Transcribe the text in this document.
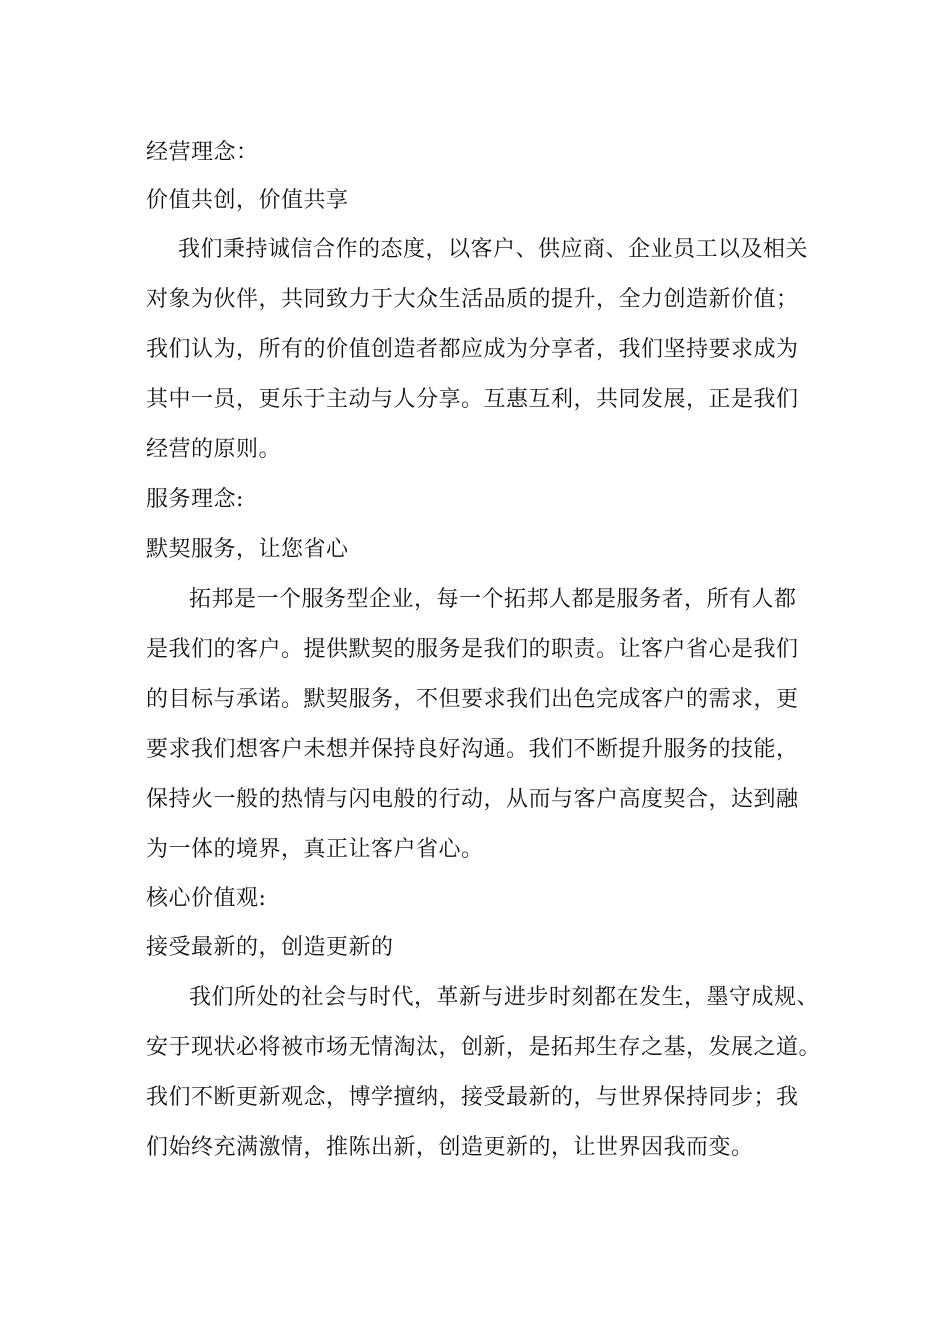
经营理念：
价值共创，价值共享
我们秉持诚信合作的态度，以客户、供应商、企业员工以及相关
对象为伙伴，共同致力于大众生活品质的提升，全力创造新价值；
我们认为，所有的价值创造者都应成为分享者，我们坚持要求成为
其中一员，更乐于主动与人分享。互惠互利，共同发展，正是我们
经营的原则。
服务理念:
默契服务，让您省心
拓邦是一个服务型企业，每一个拓邦人都是服务者，所有人都
是我们的客户。提供默契的服务是我们的职责。让客户省心是我们
的目标与承诺。默契服务，不但要求我们出色完成客户的需求，更
要求我们想客户未想并保持良好沟通。我们不断提升服务的技能，
保持火一般的热情与闪电般的行动，从而与客户高度契合，达到融
为一体的境界，真正让客户省心。
核心价值观:
接受最新的，创造更新的
我们所处的社会与时代，革新与进步时刻都在发生，墨守成规、
安于现状必将被市场无情淘汰，创新，是拓邦生存之基，发展之道。
我们不断更新观念，博学擅纳，接受最新的，与世界保持同步；我
们始终充满激情，推陈出新，创造更新的，让世界因我而变。
